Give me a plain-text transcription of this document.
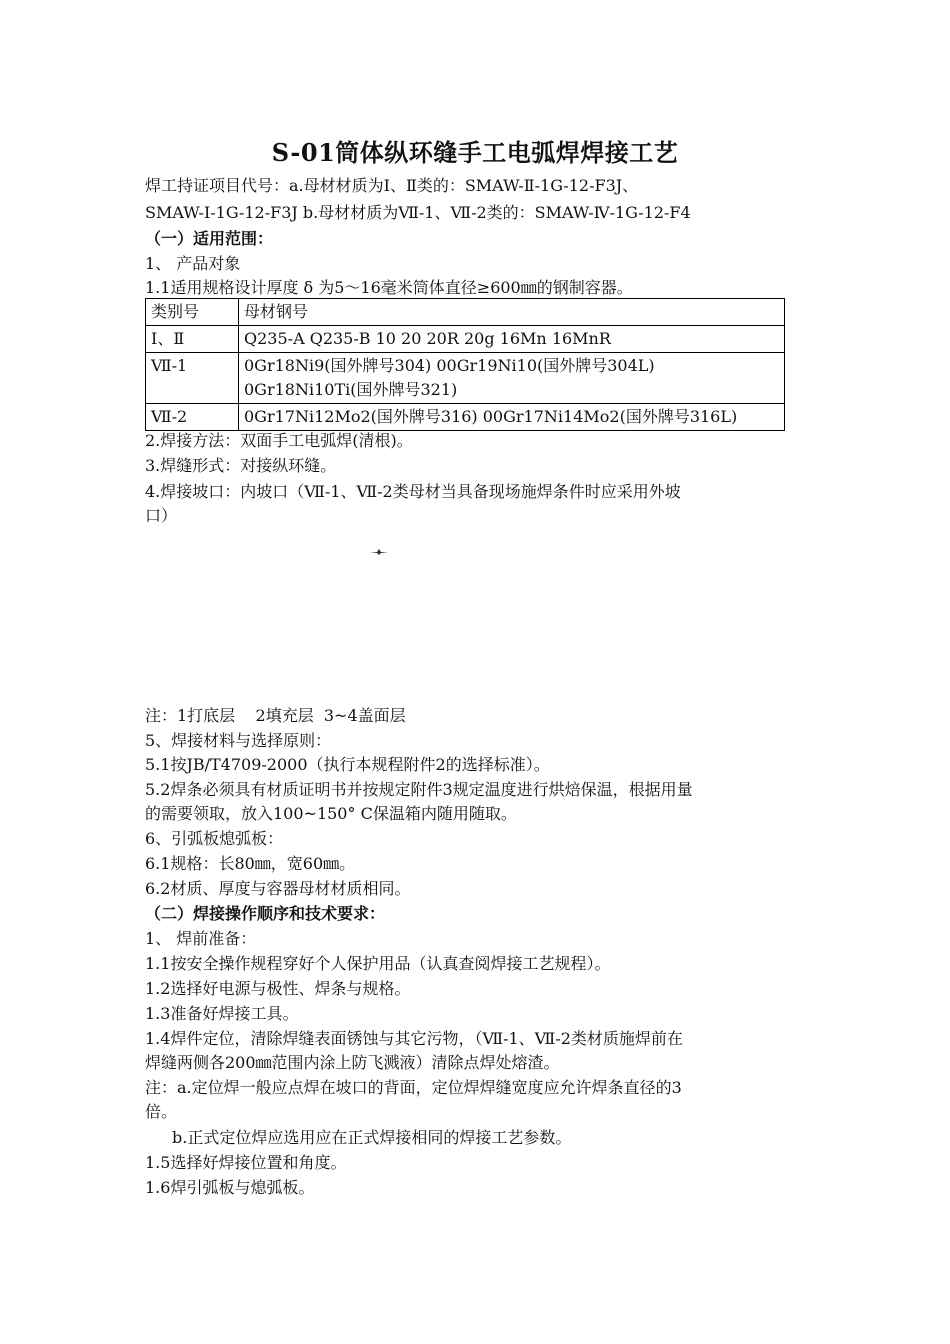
S-01筒体纵环缝手工电弧焊焊接工艺
焊工持证项目代号：a.母材材质为Ⅰ、Ⅱ类的：SMAW-Ⅱ-1G-12-F3J、
SMAW-Ⅰ-1G-12-F3J b.母材材质为Ⅶ-1、Ⅶ-2类的：SMAW-Ⅳ-1G-12-F4
（一）适用范围：
1、 产品对象
1.1适用规格设计厚度 δ 为5～16毫米筒体直径≥600㎜的钢制容器。
类别号	母材钢号
Ⅰ、Ⅱ	Q235-A Q235-B 10 20 20R 20g 16Mn 16MnR
Ⅶ-1	0Gr18Ni9(国外牌号304) 00Gr19Ni10(国外牌号304L)
0Gr18Ni10Ti(国外牌号321)

Ⅶ-2	0Gr17Ni12Mo2(国外牌号316) 00Gr17Ni14Mo2(国外牌号316L)
2.焊接方法：双面手工电弧焊(清根)。
3.焊缝形式：对接纵环缝。
4.焊接坡口：内坡口（Ⅶ-1、Ⅶ-2类母材当具备现场施焊条件时应采用外坡
口）
注：1打底层    2填充层  3~4盖面层
5、焊接材料与选择原则：
5.1按JB/T4709-2000（执行本规程附件2的选择标准）。
5.2焊条必须具有材质证明书并按规定附件3规定温度进行烘焙保温，根据用量
的需要领取，放入100~150° C保温箱内随用随取。
6、引弧板熄弧板：
6.1规格：长80㎜，宽60㎜。
6.2材质、厚度与容器母材材质相同。
（二）焊接操作顺序和技术要求：
1、 焊前准备：
1.1按安全操作规程穿好个人保护用品（认真查阅焊接工艺规程）。
1.2选择好电源与极性、焊条与规格。
1.3准备好焊接工具。
1.4焊件定位，清除焊缝表面锈蚀与其它污物，（Ⅶ-1、Ⅶ-2类材质施焊前在
焊缝两侧各200㎜范围内涂上防飞溅液）清除点焊处熔渣。
注：a.定位焊一般应点焊在坡口的背面，定位焊焊缝宽度应允许焊条直径的3
倍。
b.正式定位焊应选用应在正式焊接相同的焊接工艺参数。
1.5选择好焊接位置和角度。
1.6焊引弧板与熄弧板。
